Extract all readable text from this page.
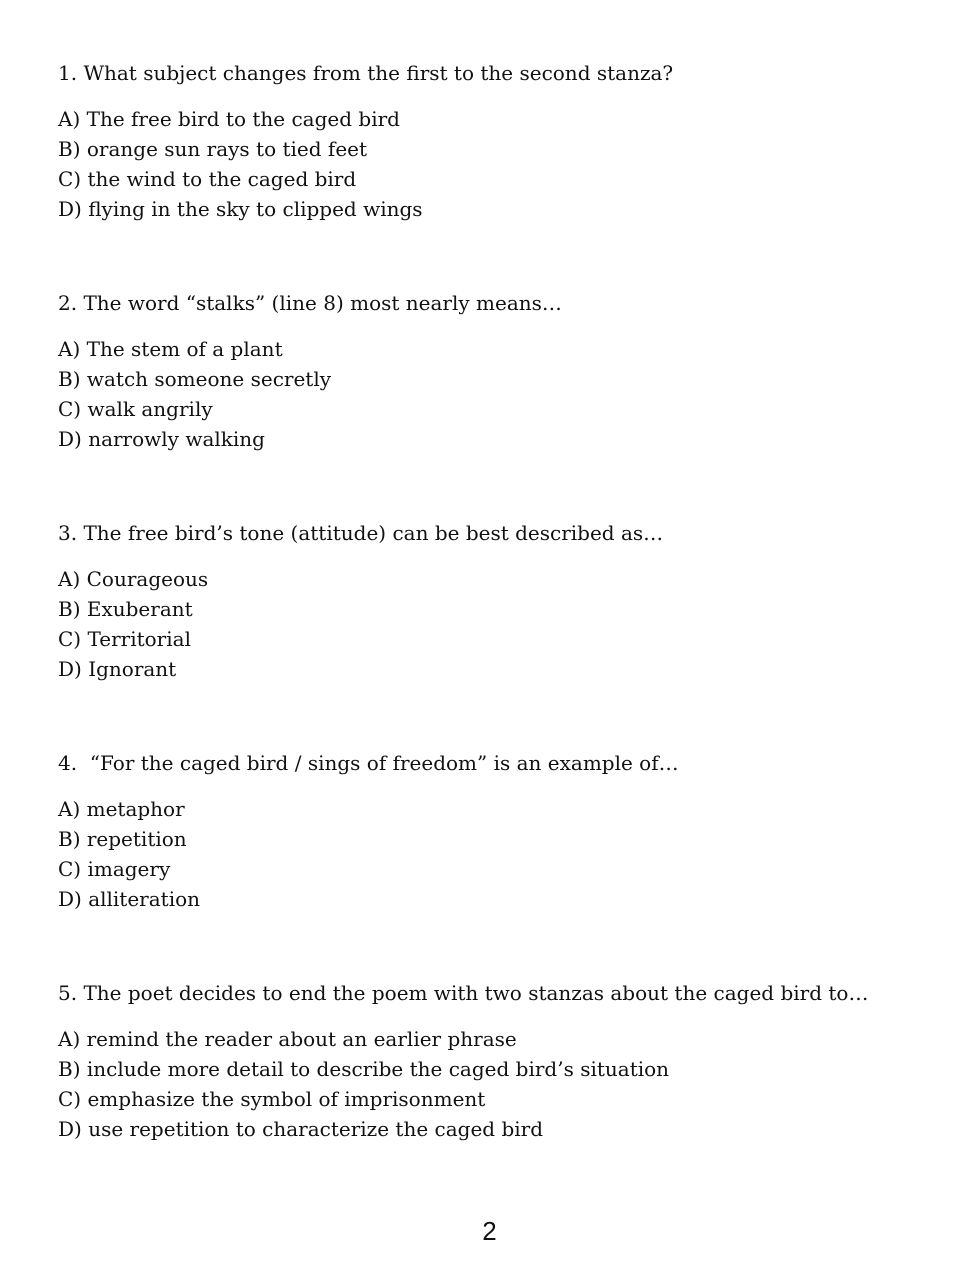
1. What subject changes from the first to the second stanza?

A) The free bird to the caged bird
B) orange sun rays to tied feet
C) the wind to the caged bird
D) flying in the sky to clipped wings

2. The word “stalks” (line 8) most nearly means…

A) The stem of a plant
B) watch someone secretly
C) walk angrily
D) narrowly walking

3. The free bird’s tone (attitude) can be best described as…

A) Courageous
B) Exuberant
C) Territorial
D) Ignorant

4.  “For the caged bird / sings of freedom” is an example of…

A) metaphor
B) repetition
C) imagery
D) alliteration

5. The poet decides to end the poem with two stanzas about the caged bird to…

A) remind the reader about an earlier phrase
B) include more detail to describe the caged bird’s situation
C) emphasize the symbol of imprisonment
D) use repetition to characterize the caged bird
2
